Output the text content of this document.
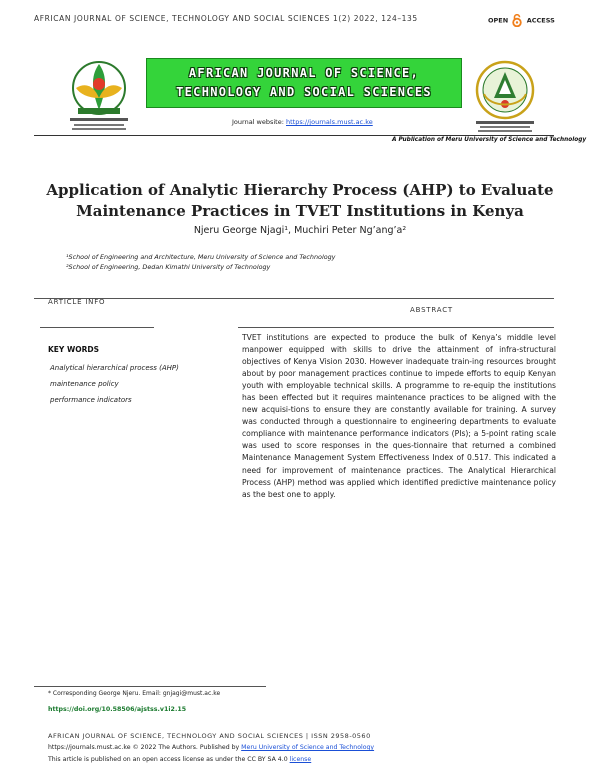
AFRICAN JOURNAL OF SCIENCE, TECHNOLOGY AND SOCIAL SCIENCES 1(2) 2022, 124–135	OPEN	ACCESS
AFRICAN JOURNAL OF SCIENCE,
TECHNOLOGY AND SOCIAL SCIENCES
Journal website: https://journals.must.ac.ke
A Publication of Meru University of Science and Technology
Application of Analytic Hierarchy Process (AHP) to Evaluate
Maintenance Practices in TVET Institutions in Kenya
Njeru George Njagi¹, Muchiri Peter Ng’ang’a²
¹School of Engineering and Architecture, Meru University of Science and Technology
²School of Engineering, Dedan Kimathi University of Technology
ARTICLE INFO
ABSTRACT
KEY WORDS
Analytical hierarchical process (AHP)
maintenance policy
performance indicators
TVET institutions are expected to produce the bulk of Kenya’s middle level manpower equipped with skills to drive the attainment of infra-structural objectives of Kenya Vision 2030. However inadequate train-ing resources brought about by poor management practices continue to impede efforts to equip Kenyan youth with employable technical skills. A programme to re-equip the institutions has been effected but it requires maintenance practices to be aligned with the new acquisi-tions to ensure they are constantly available for training. A survey was conducted through a questionnaire to engineering departments to evaluate compliance with maintenance performance indicators (PIs); a 5-point rating scale was used to score responses in the ques-tionnaire that returned a combined Maintenance Management System Effectiveness Index of 0.517. This indicated a need for improvement of maintenance practices. The Analytical Hierarchical Process (AHP) method was applied which identified predictive maintenance policy as the best one to apply.
* Corresponding George Njeru. Email: gnjagi@must.ac.ke
https://doi.org/10.58506/ajstss.v1i2.15
AFRICAN JOURNAL OF SCIENCE, TECHNOLOGY AND SOCIAL SCIENCES | ISSN 2958-0560
https://journals.must.ac.ke © 2022 The Authors. Published by Meru University of Science and Technology
This article is published on an open access license as under the CC BY SA 4.0 license
